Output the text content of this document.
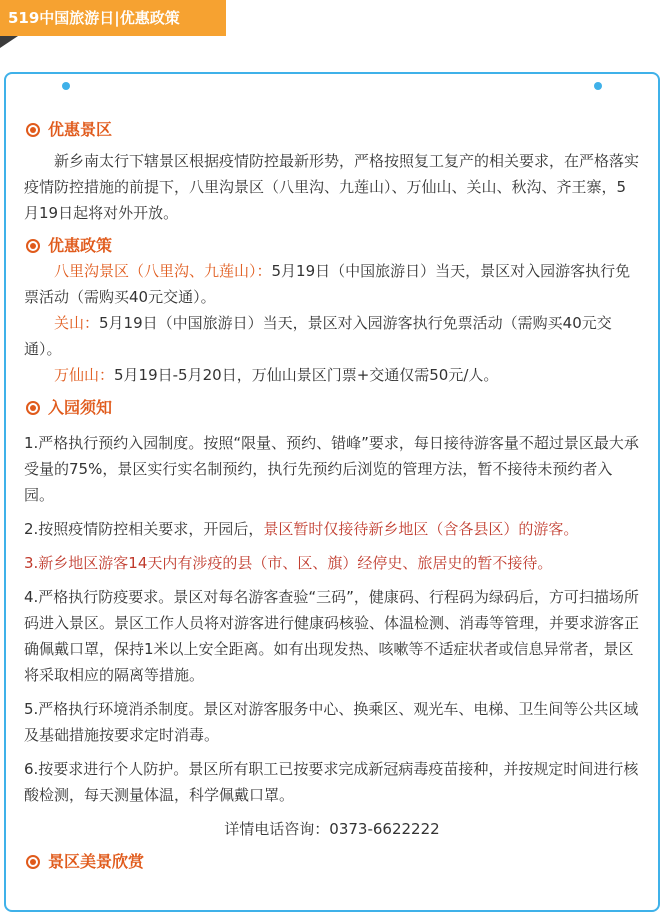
519中国旅游日|优惠政策
优惠景区

新乡南太行下辖景区根据疫情防控最新形势，严格按照复工复产的相关要求，在严格落实疫情防控措施的前提下，八里沟景区（八里沟、九莲山）、万仙山、关山、秋沟、齐王寨，5月19日起将对外开放。

优惠政策

八里沟景区（八里沟、九莲山）：5月19日（中国旅游日）当天，景区对入园游客执行免票活动（需购买40元交通）。

关山：5月19日（中国旅游日）当天，景区对入园游客执行免票活动（需购买40元交通）。

万仙山：5月19日-5月20日，万仙山景区门票+交通仅需50元/人。

入园须知

1.严格执行预约入园制度。按照“限量、预约、错峰”要求，每日接待游客量不超过景区最大承受量的75%，景区实行实名制预约，执行先预约后浏览的管理方法，暂不接待未预约者入园。

2.按照疫情防控相关要求，开园后，景区暂时仅接待新乡地区（含各县区）的游客。

3.新乡地区游客14天内有涉疫的县（市、区、旗）经停史、旅居史的暂不接待。

4.严格执行防疫要求。景区对每名游客查验“三码”，健康码、行程码为绿码后，方可扫描场所码进入景区。景区工作人员将对游客进行健康码核验、体温检测、消毒等管理，并要求游客正确佩戴口罩，保持1米以上安全距离。如有出现发热、咳嗽等不适症状者或信息异常者，景区将采取相应的隔离等措施。

5.严格执行环境消杀制度。景区对游客服务中心、换乘区、观光车、电梯、卫生间等公共区域及基础措施按要求定时消毒。

6.按要求进行个人防护。景区所有职工已按要求完成新冠病毒疫苗接种，并按规定时间进行核酸检测，每天测量体温，科学佩戴口罩。

详情电话咨询：0373-6622222

景区美景欣赏
